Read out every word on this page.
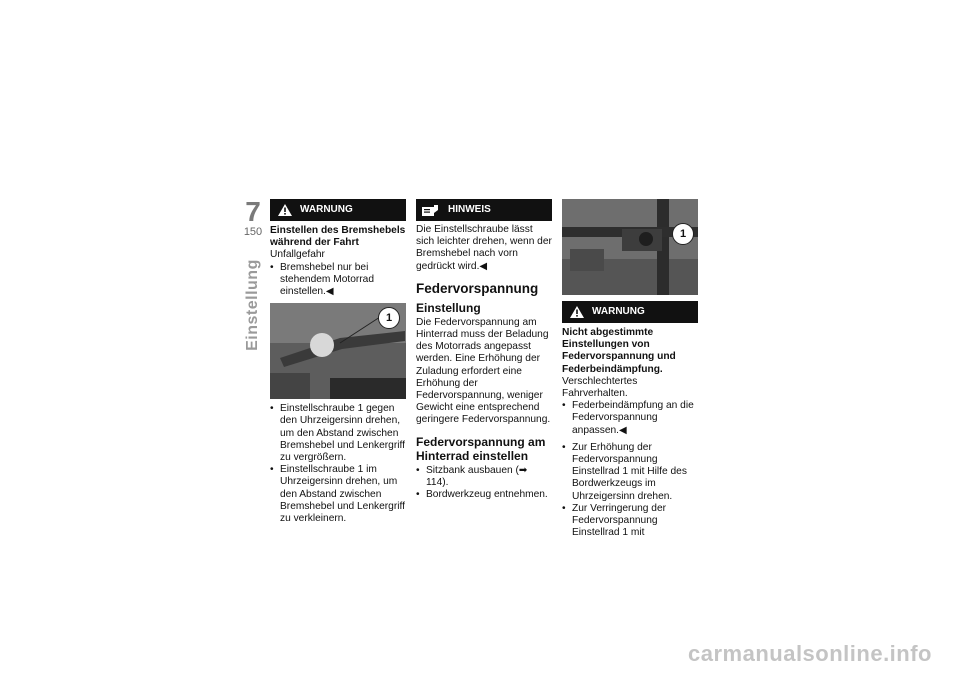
7
150
Einstellung
WARNUNG
Einstellen des Bremshebels während der Fahrt
Unfallgefahr
• Bremshebel nur bei stehendem Motorrad einstellen.◀
1
• Einstellschraube 1 gegen den Uhrzeigersinn drehen, um den Abstand zwischen Bremshebel und Lenkergriff zu vergrößern.
• Einstellschraube 1 im Uhrzeigersinn drehen, um den Abstand zwischen Bremshebel und Lenkergriff zu verkleinern.
HINWEIS
Die Einstellschraube lässt sich leichter drehen, wenn der Bremshebel nach vorn gedrückt wird.◀
Federvorspannung
Einstellung
Die Federvorspannung am Hinterrad muss der Beladung des Motorrads angepasst werden. Eine Erhöhung der Zuladung erfordert eine Erhöhung der Federvorspannung, weniger Gewicht eine entsprechend geringere Federvorspannung.
Federvorspannung am Hinterrad einstellen
• Sitzbank ausbauen (➡ 114).
• Bordwerkzeug entnehmen.
1
WARNUNG
Nicht abgestimmte Einstellungen von Federvorspannung und Federbeindämpfung.
Verschlechtertes Fahrverhalten.
• Federbeindämpfung an die Federvorspannung anpassen.◀
• Zur Erhöhung der Federvorspannung Einstellrad 1 mit Hilfe des Bordwerkzeugs im Uhrzeigersinn drehen.
• Zur Verringerung der Federvorspannung Einstellrad 1 mit
carmanualsonline.info
